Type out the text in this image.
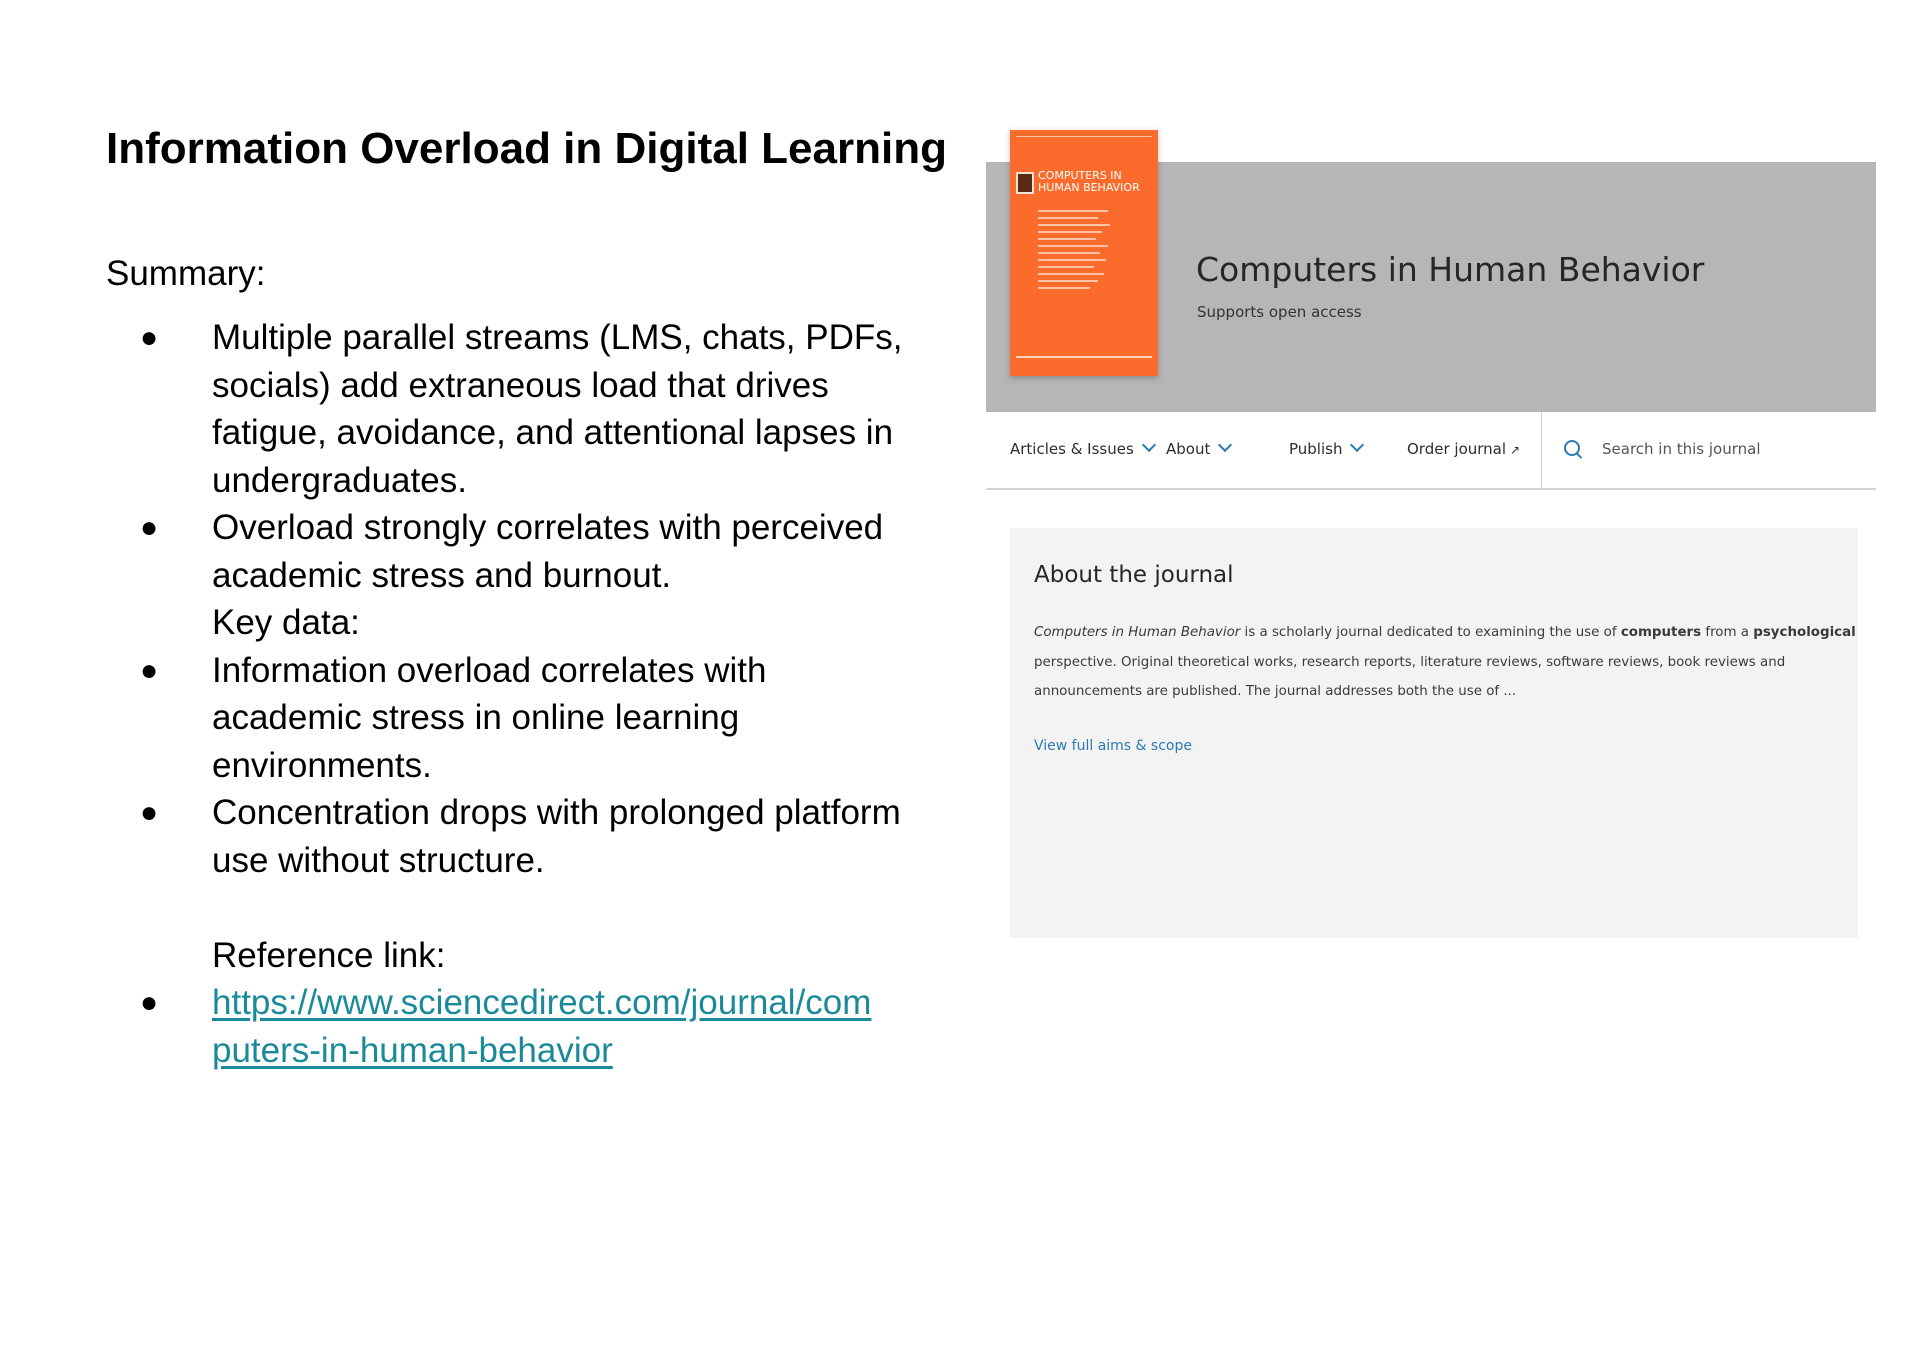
Information Overload in Digital Learning
Summary:
● Multiple parallel streams (LMS, chats, PDFs,
socials) add extraneous load that drives
fatigue, avoidance, and attentional lapses in
undergraduates.
● Overload strongly correlates with perceived
academic stress and burnout.
Key data:
● Information overload correlates with
academic stress in online learning
environments.
● Concentration drops with prolonged platform
use without structure.
Reference link:
● https://www.sciencedirect.com/journal/com
puters-in-human-behavior
Computers in Human Behavior
Supports open access
COMPUTERS IN
HUMAN BEHAVIOR
Articles & Issues	About	Publish	Order journal ↗	Search in this journal
About the journal
Computers in Human Behavior is a scholarly journal dedicated to examining the use of computers from a psychological
perspective. Original theoretical works, research reports, literature reviews, software reviews, book reviews and
announcements are published. The journal addresses both the use of ...
View full aims & scope
